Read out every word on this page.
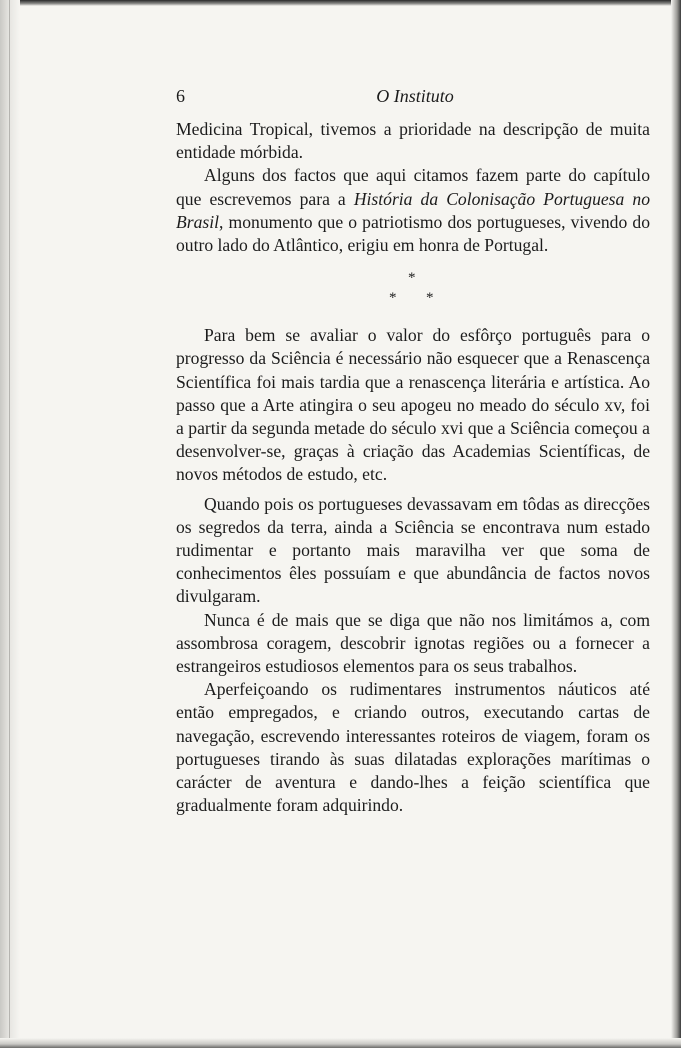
6	O Instituto

Medicina Tropical, tivemos a prioridade na descripção de muita entidade mórbida.

Alguns dos factos que aqui citamos fazem parte do capítulo que escrevemos para a História da Colonisação Portuguesa no Brasil, monumento que o patriotismo dos portugueses, vivendo do outro lado do Atlântico, erigiu em honra de Portugal.

*
* *

Para bem se avaliar o valor do esfôrço português para o progresso da Sciência é necessário não esquecer que a Renascença Scientífica foi mais tardia que a renascença literária e artística. Ao passo que a Arte atingira o seu apogeu no meado do século xv, foi a partir da segunda metade do século xvi que a Sciência começou a desenvolver-se, graças à criação das Academias Scientíficas, de novos métodos de estudo, etc.

Quando pois os portugueses devassavam em tôdas as direcções os segredos da terra, ainda a Sciência se encontrava num estado rudimentar e portanto mais maravilha ver que soma de conhecimentos êles possuíam e que abundância de factos novos divulgaram.

Nunca é de mais que se diga que não nos limitámos a, com assombrosa coragem, descobrir ignotas regiões ou a fornecer a estrangeiros estudiosos elementos para os seus trabalhos.

Aperfeiçoando os rudimentares instrumentos náuticos até então empregados, e criando outros, executando cartas de navegação, escrevendo interessantes roteiros de viagem, foram os portugueses tirando às suas dilatadas explorações marítimas o carácter de aventura e dando-lhes a feição scientífica que gradualmente foram adquirindo.
